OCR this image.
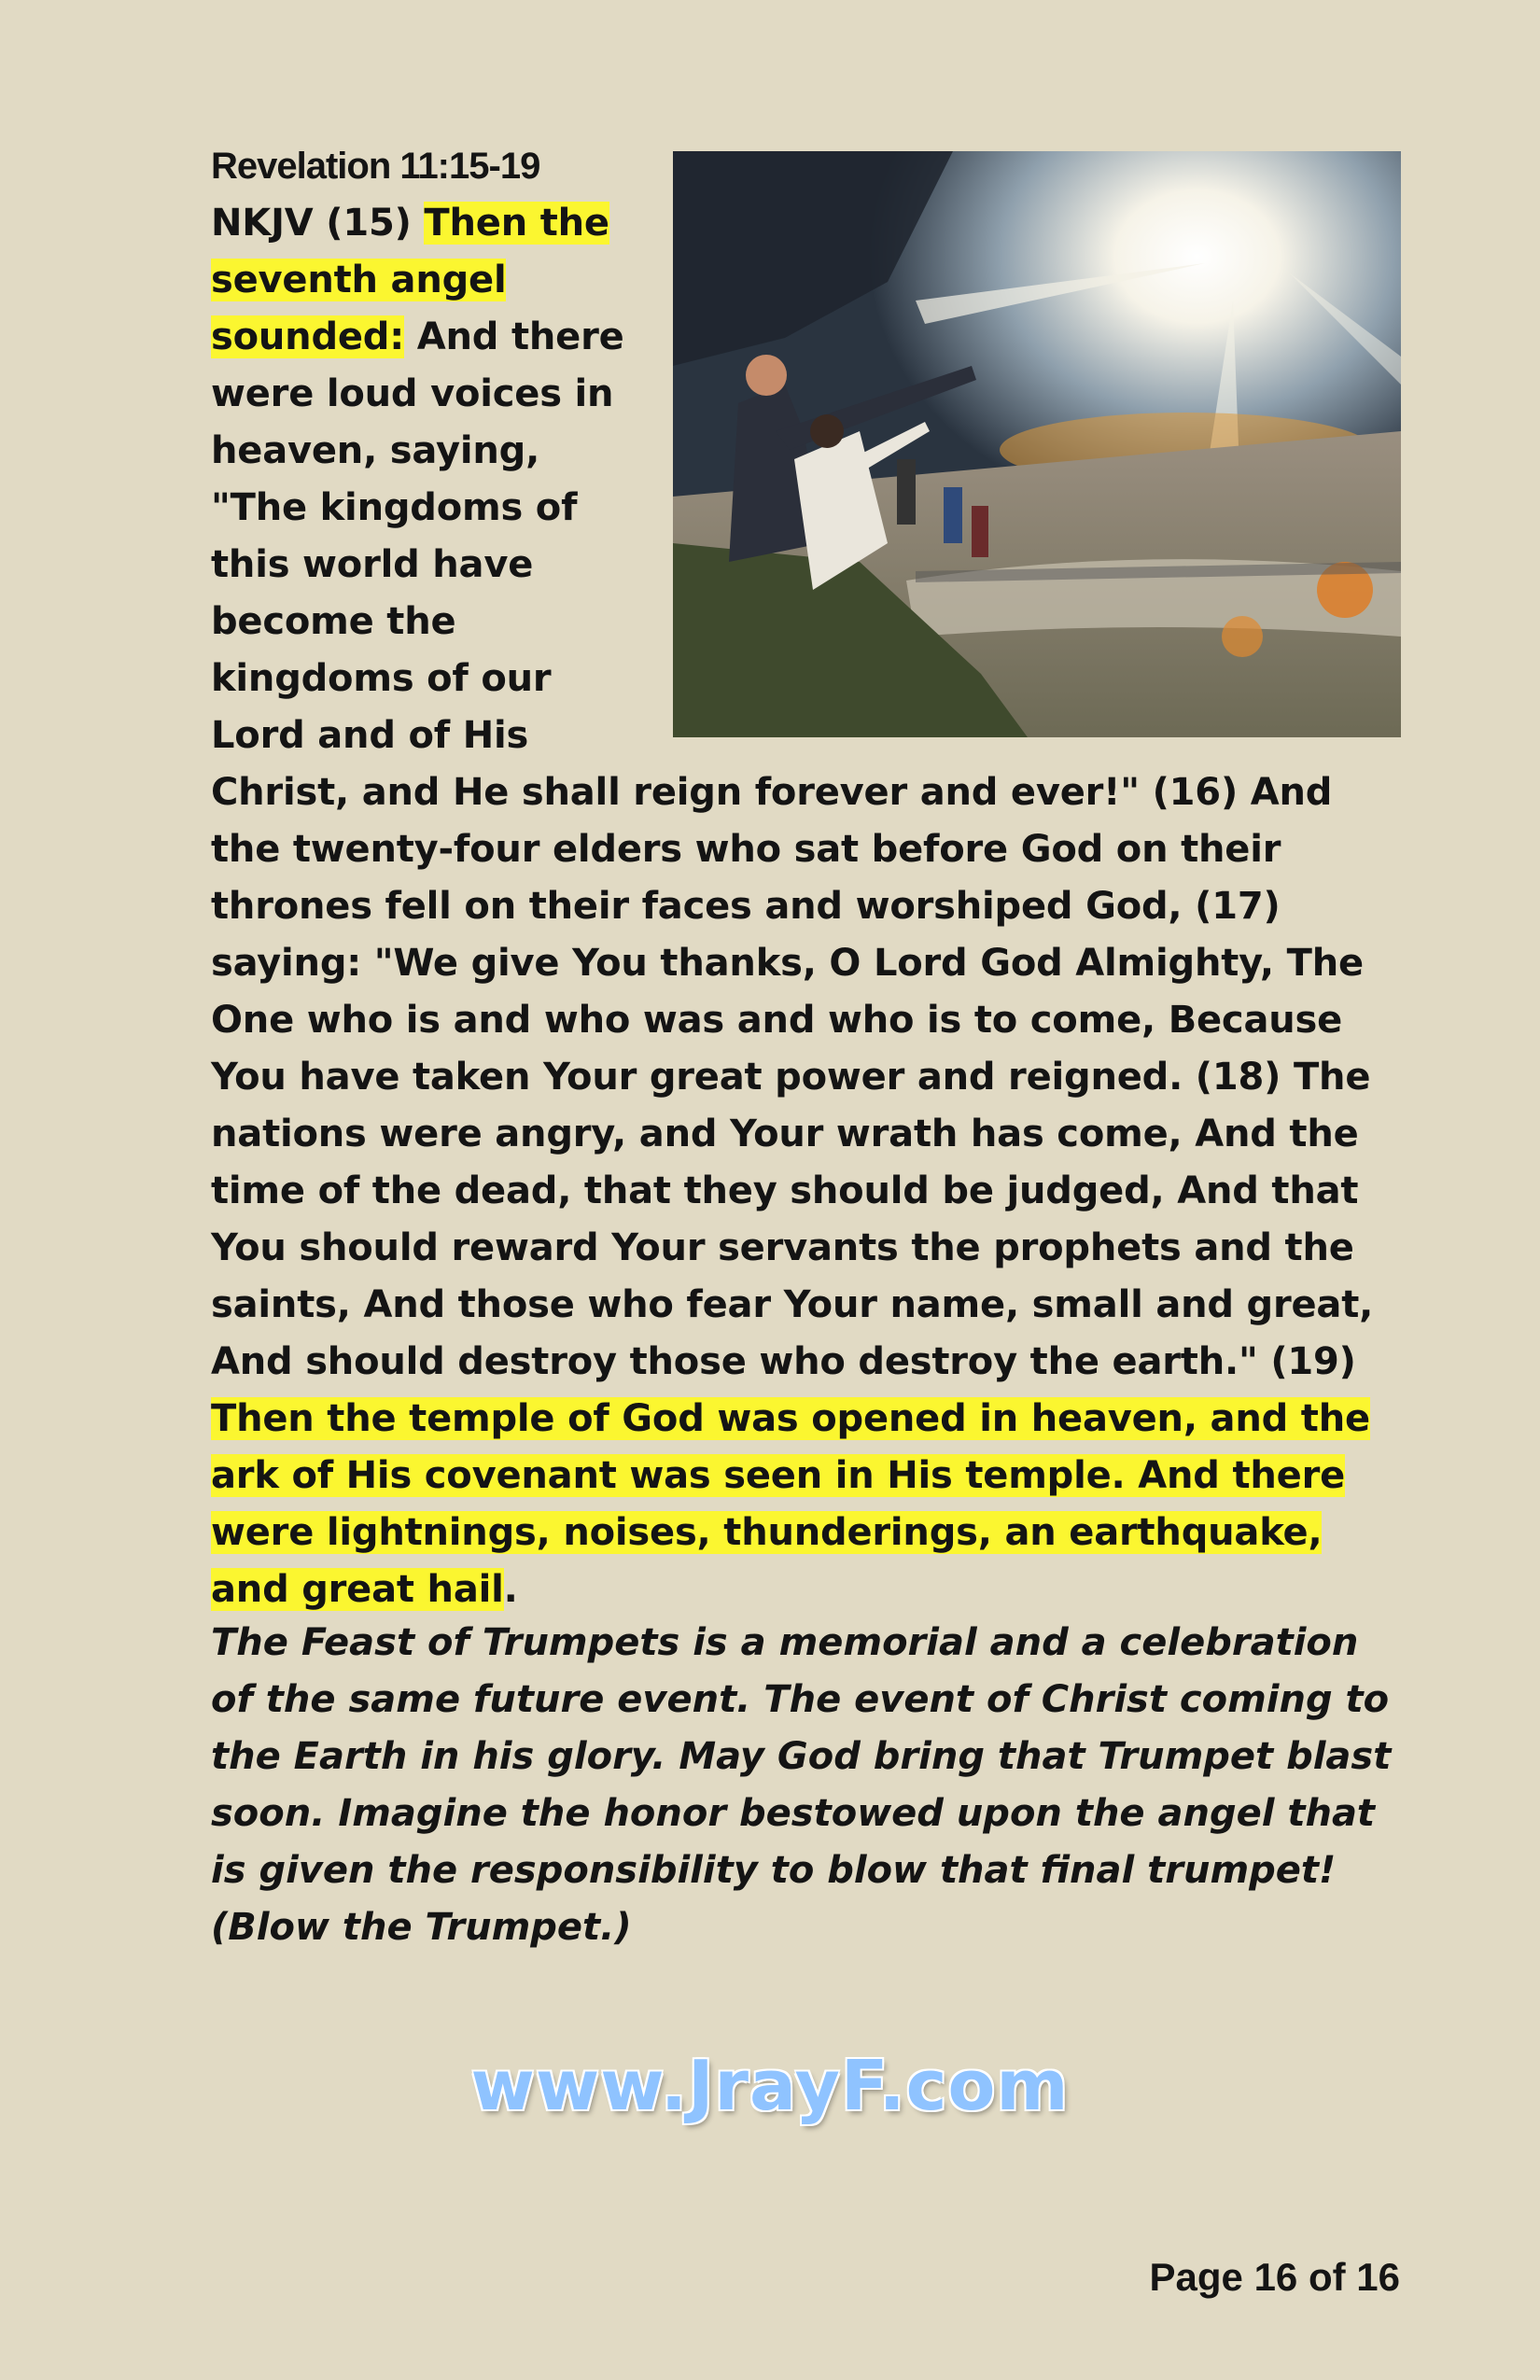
Revelation 11:15-19 NKJV (15) Then the seventh angel sounded: And there were loud voices in heaven, saying, "The kingdoms of this world have become the kingdoms of our Lord and of His Christ, and He shall reign forever and ever!" (16) And the twenty-four elders who sat before God on their thrones fell on their faces and worshiped God, (17) saying: "We give You thanks, O Lord God Almighty, The One who is and who was and who is to come, Because You have taken Your great power and reigned. (18) The nations were angry, and Your wrath has come, And the time of the dead, that they should be judged, And that You should reward Your servants the prophets and the saints, And those who fear Your name, small and great, And should destroy those who destroy the earth." (19) Then the temple of God was opened in heaven, and the ark of His covenant was seen in His temple. And there were lightnings, noises, thunderings, an earthquake, and great hail.

The Feast of Trumpets is a memorial and a celebration of the same future event. The event of Christ coming to the Earth in his glory. May God bring that Trumpet blast soon. Imagine the honor bestowed upon the angel that is given the responsibility to blow that final trumpet! (Blow the Trumpet.)

www.JrayF.com
Page 16 of 16
